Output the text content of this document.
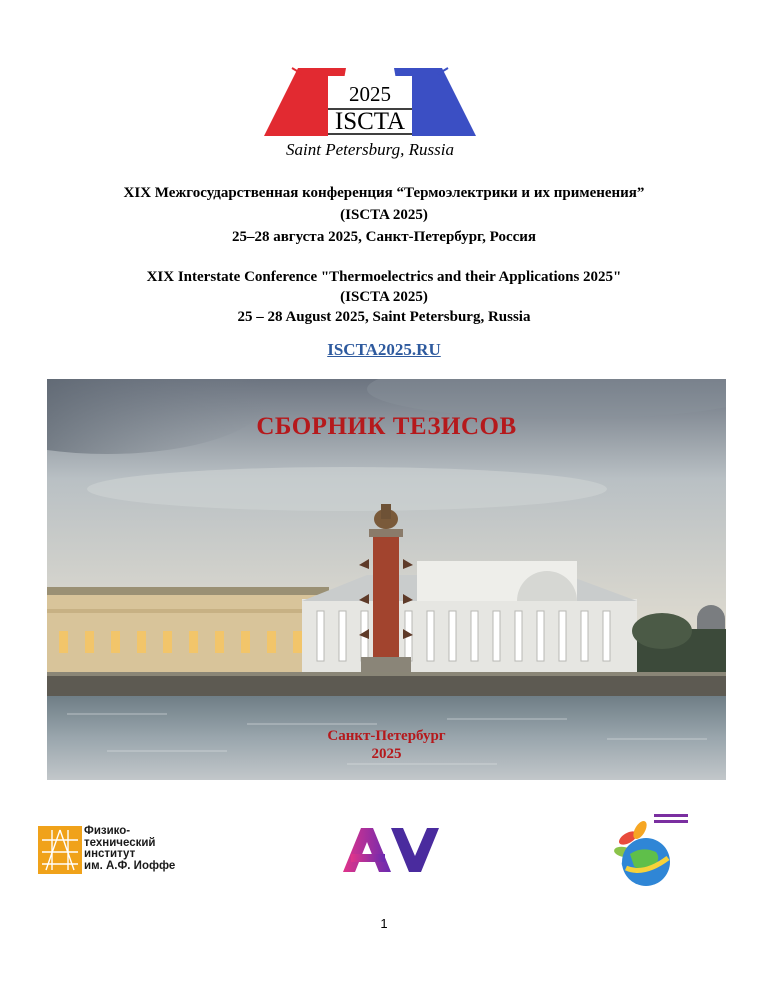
2025
ISCTA
Saint Petersburg, Russia
XIX Межгосударственная конференция “Термоэлектрики и их применения”
(ISCTA 2025)
25–28 августа 2025, Санкт-Петербург, Россия
XIX Interstate Conference "Thermoelectrics and their Applications 2025"
(ISCTA 2025)
25 – 28 August 2025, Saint Petersburg, Russia
ISCTA2025.RU
СБОРНИК ТЕЗИСОВ
Санкт-Петербург
2025
Физико-
технический
институт
им. А.Ф. Иоффе
1
